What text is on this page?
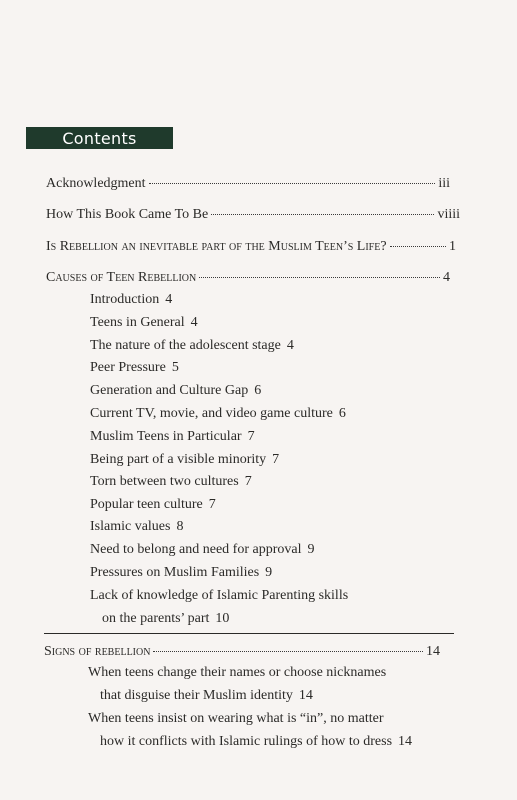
Contents
Acknowledgment	iii
How This Book Came To Be	viiii
Is Rebellion an inevitable part of the Muslim Teen’s Life?	1
Causes of Teen Rebellion	4
Introduction 4
Teens in General 4
The nature of the adolescent stage 4
Peer Pressure 5
Generation and Culture Gap 6
Current TV, movie, and video game culture 6
Muslim Teens in Particular 7
Being part of a visible minority 7
Torn between two cultures 7
Popular teen culture 7
Islamic values 8
Need to belong and need for approval 9
Pressures on Muslim Families 9
Lack of knowledge of Islamic Parenting skills
on the parents’ part 10
Signs of rebellion	14
When teens change their names or choose nicknames
that disguise their Muslim identity 14
When teens insist on wearing what is “in”, no matter
how it conflicts with Islamic rulings of how to dress 14
